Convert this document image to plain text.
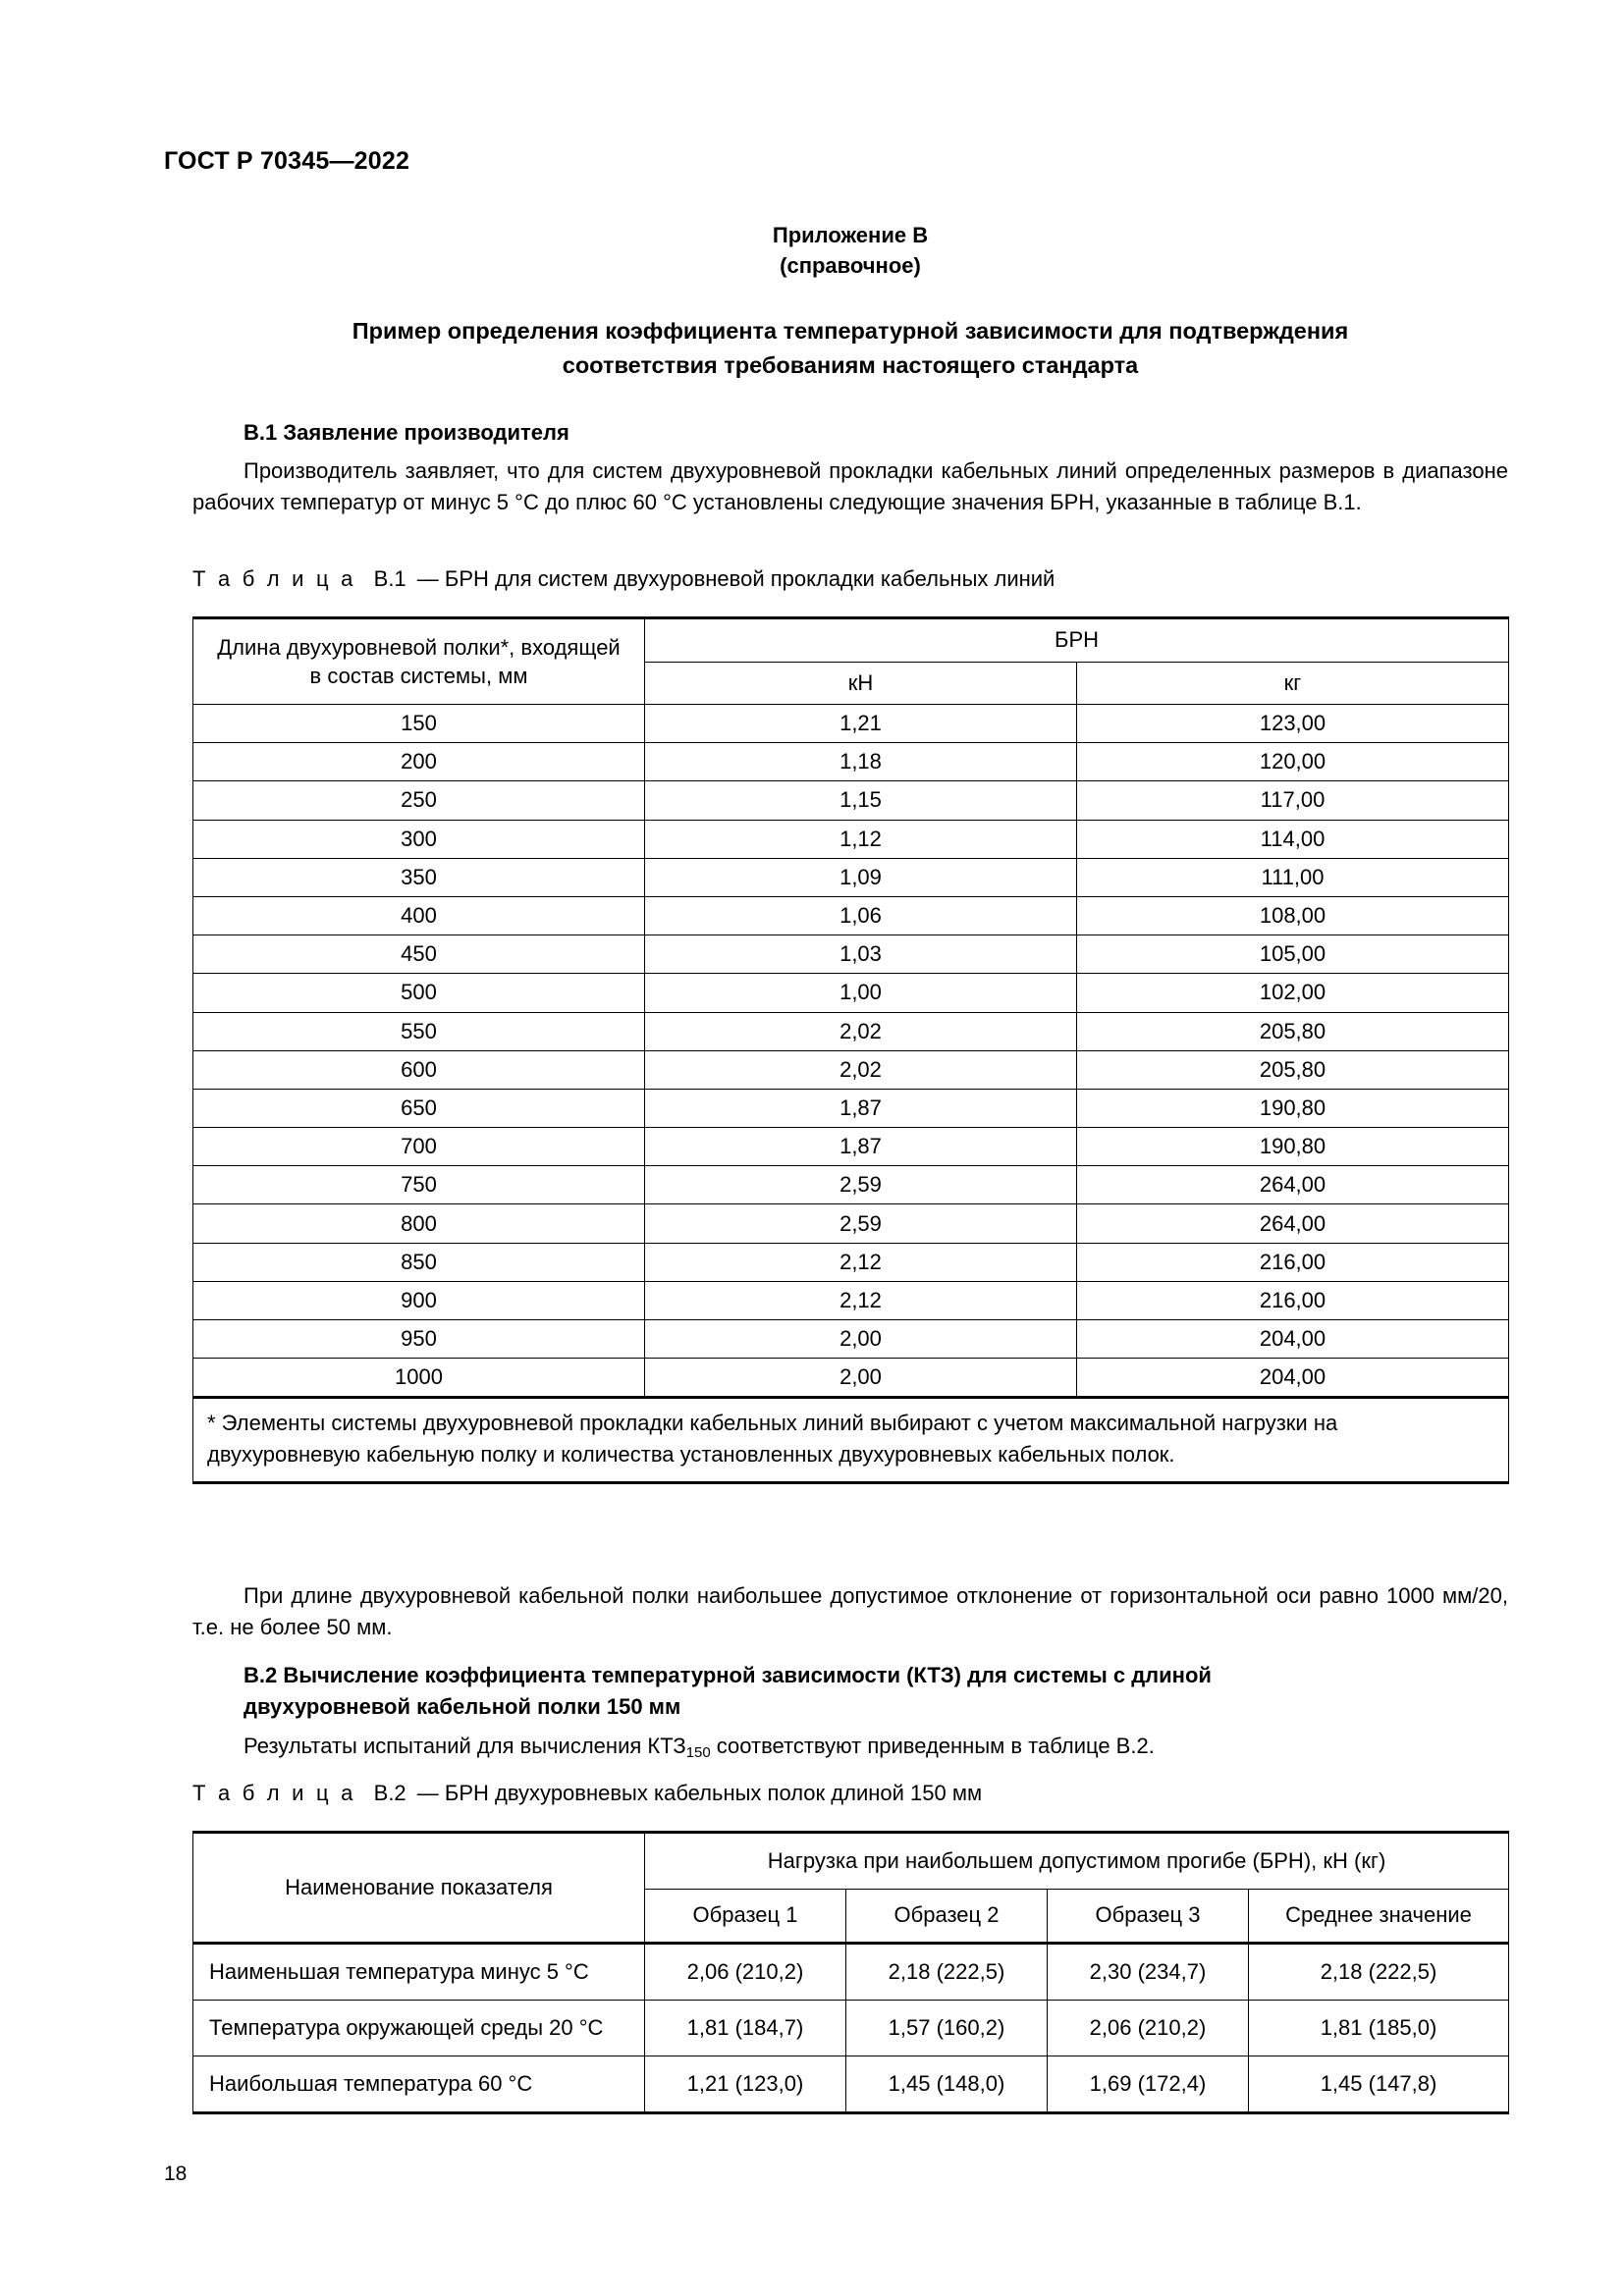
ГОСТ Р 70345—2022
Приложение В
(справочное)
Пример определения коэффициента температурной зависимости для подтверждения
соответствия требованиям настоящего стандарта
В.1 Заявление производителя
Производитель заявляет, что для систем двухуровневой прокладки кабельных линий определенных размеров в диапазоне рабочих температур от минус 5 °С до плюс 60 °С установлены следующие значения БРН, указанные в таблице В.1.
Т а б л и ц а В.1 — БРН для систем двухуровневой прокладки кабельных линий
Длина двухуровневой полки*, входящей в состав системы, мм	БРН	
	кН	кг
150	1,21	123,00
200	1,18	120,00
250	1,15	117,00
300	1,12	114,00
350	1,09	111,00
400	1,06	108,00
450	1,03	105,00
500	1,00	102,00
550	2,02	205,80
600	2,02	205,80
650	1,87	190,80
700	1,87	190,80
750	2,59	264,00
800	2,59	264,00
850	2,12	216,00
900	2,12	216,00
950	2,00	204,00
1000	2,00	204,00
* Элементы системы двухуровневой прокладки кабельных линий выбирают с учетом максимальной нагрузки на двухуровневую кабельную полку и количества установленных двухуровневых кабельных полок.		
При длине двухуровневой кабельной полки наибольшее допустимое отклонение от горизонтальной оси равно 1000 мм/20, т.е. не более 50 мм.
В.2 Вычисление коэффициента температурной зависимости (КТЗ) для системы с длиной
двухуровневой кабельной полки 150 мм
Результаты испытаний для вычисления $КТЗ_{150}$ соответствуют приведенным в таблице В.2.
Т а б л и ц а В.2 — БРН двухуровневых кабельных полок длиной 150 мм
Наименование показателя	Нагрузка при наибольшем допустимом прогибе (БРН), кН (кг)			
	Образец 1	Образец 2	Образец 3	Среднее значение
Наименьшая температура минус 5 °С	2,06 (210,2)	2,18 (222,5)	2,30 (234,7)	2,18 (222,5)
Температура окружающей среды 20 °С	1,81 (184,7)	1,57 (160,2)	2,06 (210,2)	1,81 (185,0)
Наибольшая температура 60 °С	1,21 (123,0)	1,45 (148,0)	1,69 (172,4)	1,45 (147,8)
18
